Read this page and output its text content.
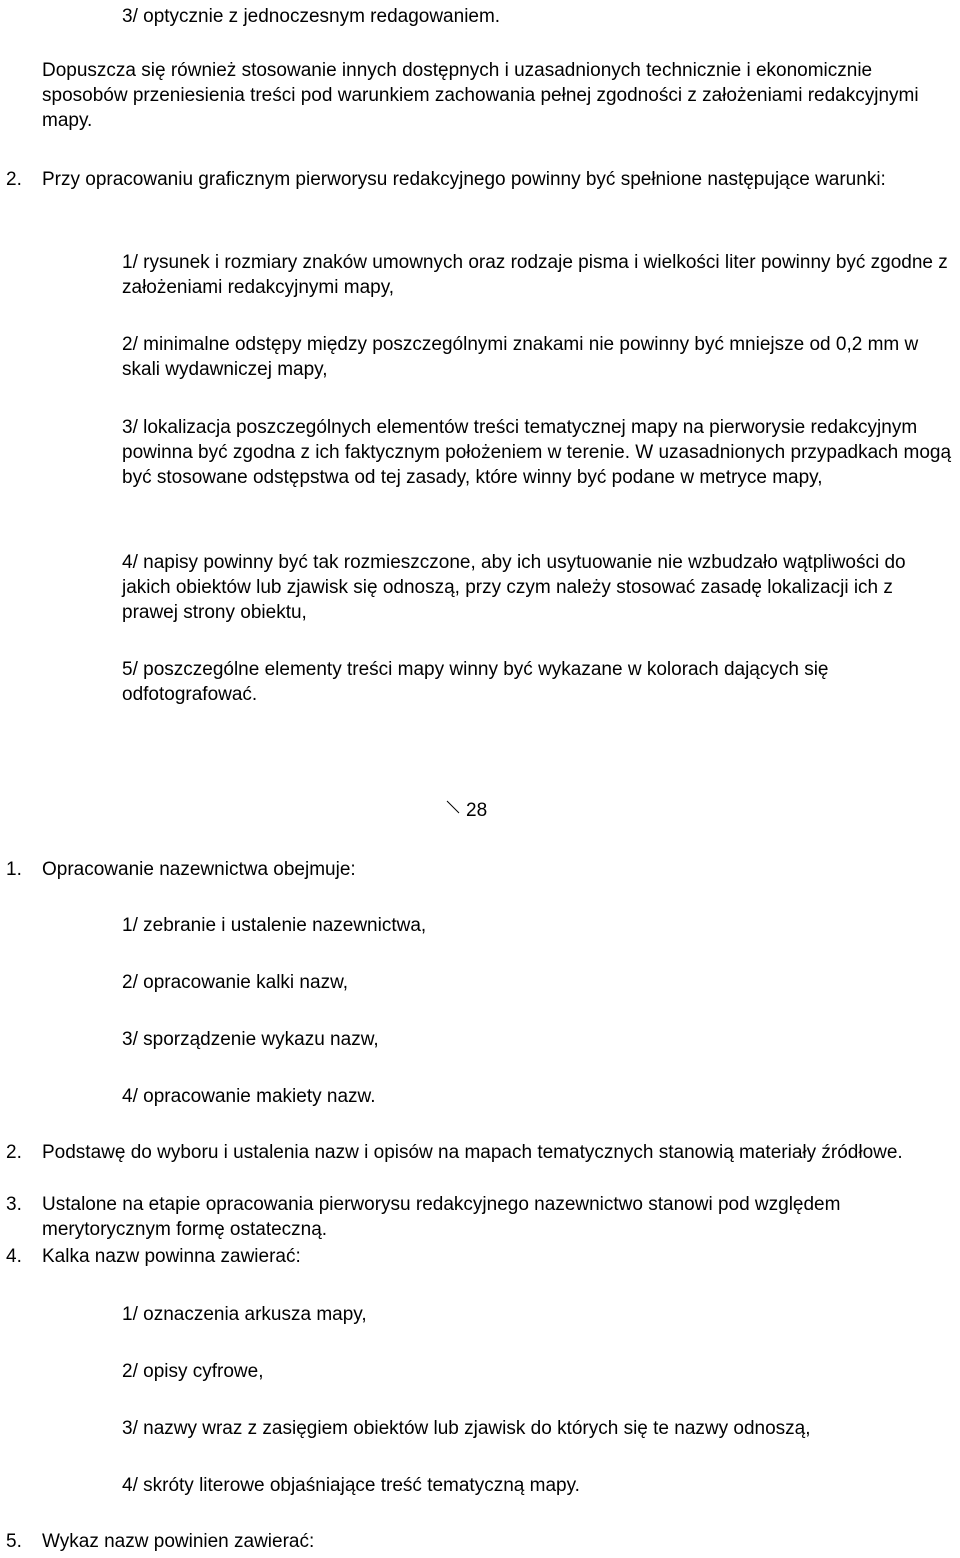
3/ optycznie z jednoczesnym redagowaniem.

Dopuszcza się również stosowanie innych dostępnych i uzasadnionych technicznie i ekonomicznie sposobów przeniesienia treści pod warunkiem zachowania pełnej zgodności z założeniami redakcyjnymi mapy.

2. Przy opracowaniu graficznym pierworysu redakcyjnego powinny być spełnione następujące warunki:

1/ rysunek i rozmiary znaków umownych oraz rodzaje pisma i wielkości liter powinny być zgodne z założeniami redakcyjnymi mapy,

2/ minimalne odstępy między poszczególnymi znakami nie powinny być mniejsze od 0,2 mm w skali wydawniczej mapy,

3/ lokalizacja poszczególnych elementów treści tematycznej mapy na pierworysie redakcyjnym powinna być zgodna z ich faktycznym położeniem w terenie. W uzasadnionych przypadkach mogą być stosowane odstępstwa od tej zasady, które winny być podane w metryce mapy,

4/ napisy powinny być tak rozmieszczone, aby ich usytuowanie nie wzbudzało wątpliwości do jakich obiektów lub zjawisk się odnoszą, przy czym należy stosować zasadę lokalizacji ich z prawej strony obiektu,

5/ poszczególne elementy treści mapy winny być wykazane w kolorach dających się odfotografować.

28
1. Opracowanie nazewnictwa obejmuje:

1/ zebranie i ustalenie nazewnictwa,

2/ opracowanie kalki nazw,

3/ sporządzenie wykazu nazw,

4/ opracowanie makiety nazw.

2. Podstawę do wyboru i ustalenia nazw i opisów na mapach tematycznych stanowią materiały źródłowe.
3. Ustalone na etapie opracowania pierworysu redakcyjnego nazewnictwo stanowi pod względem merytorycznym formę ostateczną.
4. Kalka nazw powinna zawierać:

1/ oznaczenia arkusza mapy,

2/ opisy cyfrowe,

3/ nazwy wraz z zasięgiem obiektów lub zjawisk do których się te nazwy odnoszą,

4/ skróty literowe objaśniające treść tematyczną mapy.

5. Wykaz nazw powinien zawierać:
